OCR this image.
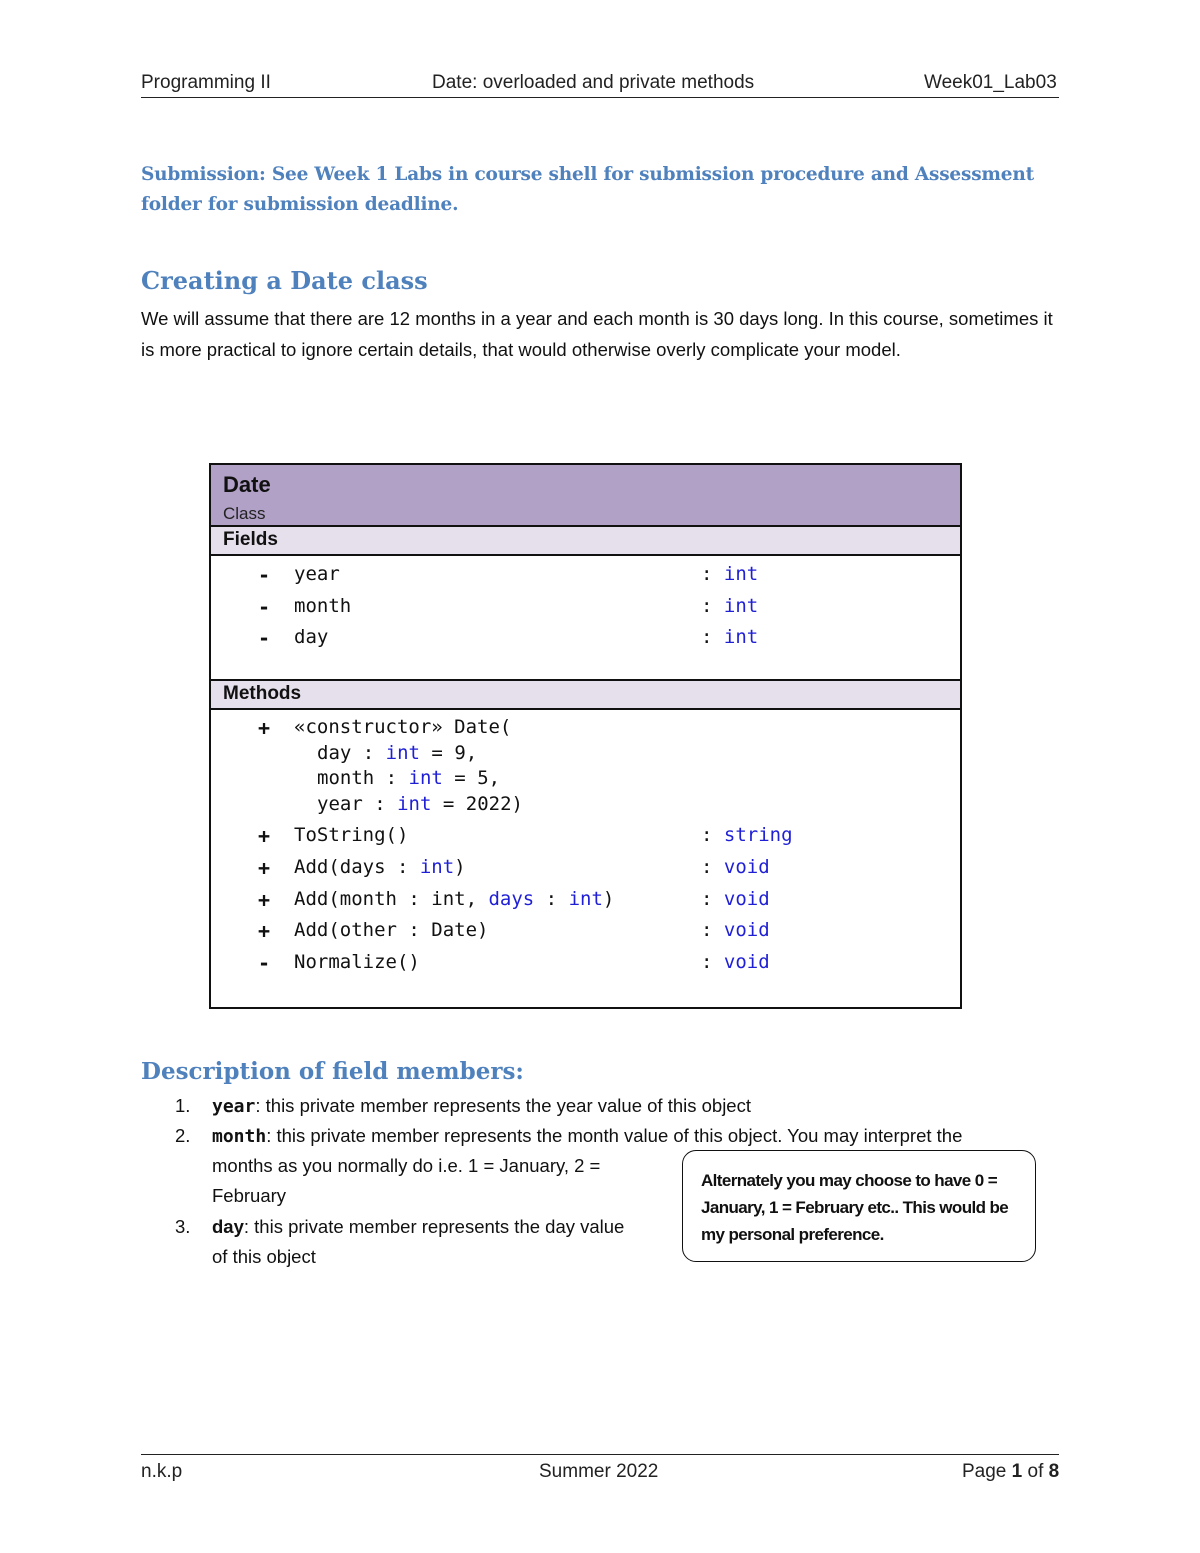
Programming II	Date: overloaded and private methods	Week01_Lab03
Submission: See Week 1 Labs in course shell for submission procedure and Assessment folder for submission deadline.
Creating a Date class
We will assume that there are 12 months in a year and each month is 30 days long. In this course, sometimes it is more practical to ignore certain details, that would otherwise overly complicate your model.
Date
Class
Fields
- year	: int
- month	: int
- day	: int
Methods
+ «constructor» Date(
day : int = 9,
month : int = 5,
year : int = 2022)
+ ToString()	: string
+ Add(days : int)	: void
+ Add(month : int, days : int)	: void
+ Add(other : Date)	: void
- Normalize()	: void
Description of field members:
1. year: this private member represents the year value of this object
2. month: this private member represents the month value of this object. You may interpret the
months as you normally do i.e. 1 = January, 2 =
February
3. day: this private member represents the day value
of this object
Alternately you may choose to have 0 = January, 1 = February etc.. This would be my personal preference.
n.k.p	Summer 2022	Page 1 of 8
